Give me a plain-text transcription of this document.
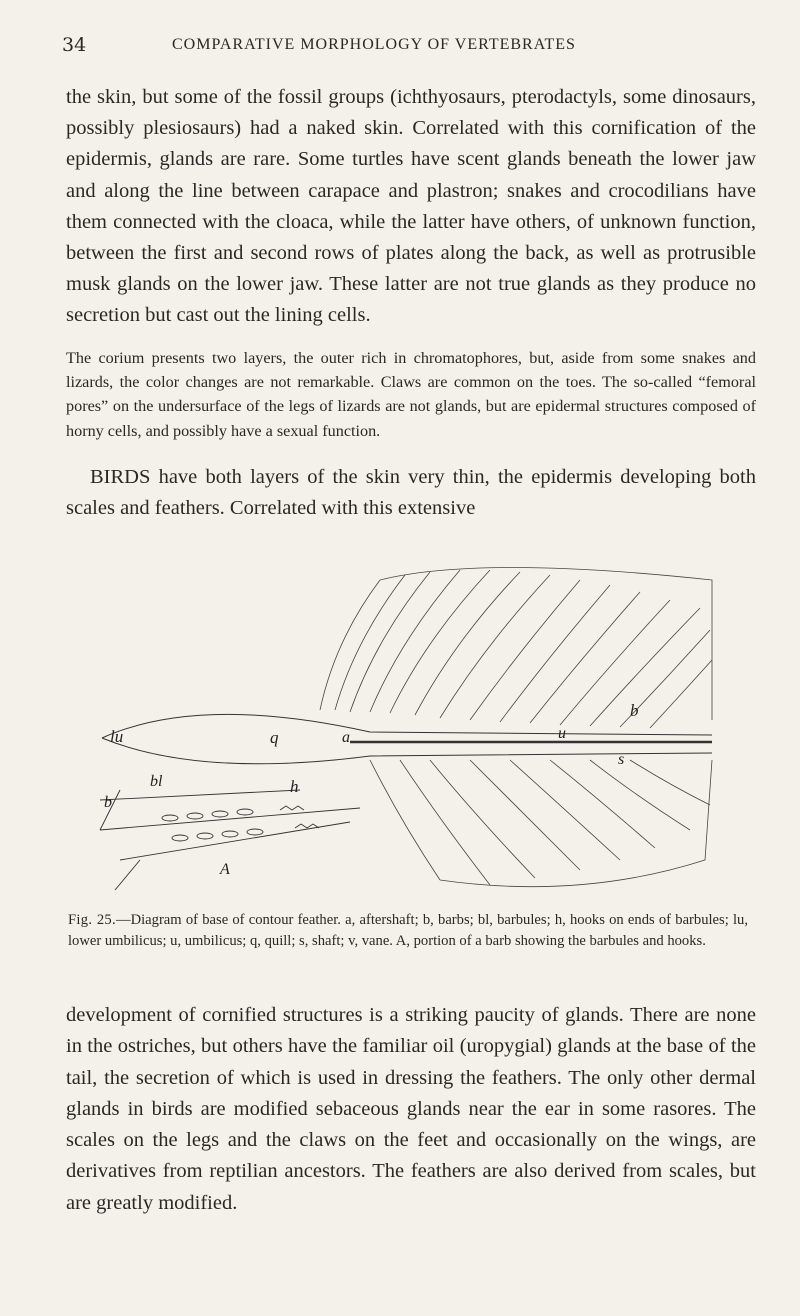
34	COMPARATIVE MORPHOLOGY OF VERTEBRATES

the skin, but some of the fossil groups (ichthyosaurs, pterodactyls, some dinosaurs, possibly plesiosaurs) had a naked skin. Correlated with this cornification of the epidermis, glands are rare. Some turtles have scent glands beneath the lower jaw and along the line between carapace and plastron; snakes and crocodilians have them connected with the cloaca, while the latter have others, of unknown function, between the first and second rows of plates along the back, as well as protrusible musk glands on the lower jaw. These latter are not true glands as they produce no secretion but cast out the lining cells.

The corium presents two layers, the outer rich in chromatophores, but, aside from some snakes and lizards, the color changes are not remarkable. Claws are common on the toes. The so-called “femoral pores” on the undersurface of the legs of lizards are not glands, but are epidermal structures composed of horny cells, and possibly have a sexual function.

BIRDS have both layers of the skin very thin, the epidermis developing both scales and feathers. Correlated with this extensive

lu	q	a
b
u
s
b
bl	h
A

Fig. 25.—Diagram of base of contour feather. a, aftershaft; b, barbs; bl, barbules; h, hooks on ends of barbules; lu, lower umbilicus; u, umbilicus; q, quill; s, shaft; v, vane. A, portion of a barb showing the barbules and hooks.

development of cornified structures is a striking paucity of glands. There are none in the ostriches, but others have the familiar oil (uropygial) glands at the base of the tail, the secretion of which is used in dressing the feathers. The only other dermal glands in birds are modified sebaceous glands near the ear in some rasores. The scales on the legs and the claws on the feet and occasionally on the wings, are derivatives from reptilian ancestors. The feathers are also derived from scales, but are greatly modified.
